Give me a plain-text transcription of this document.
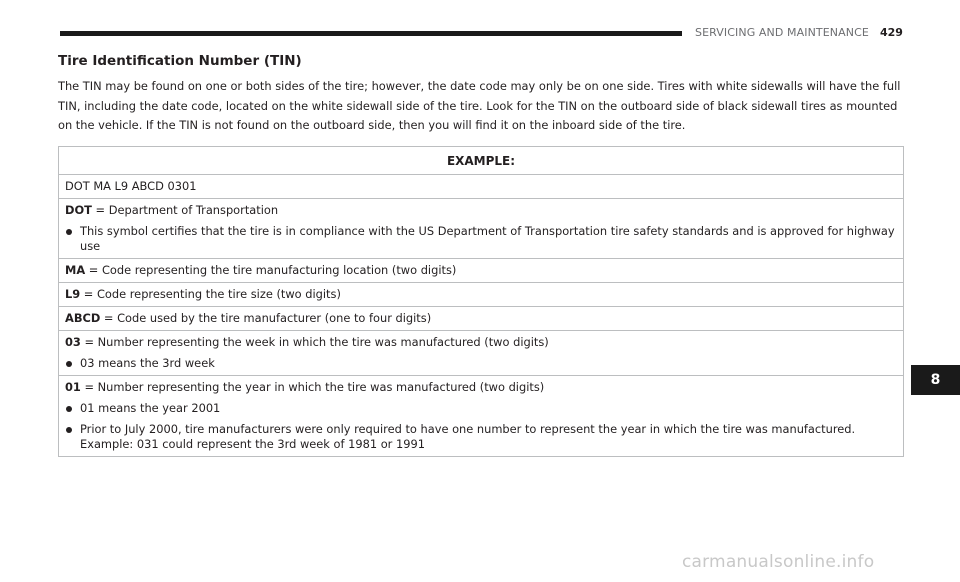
SERVICING AND MAINTENANCE 429
Tire Identification Number (TIN)

The TIN may be found on one or both sides of the tire; however, the date code may only be on one side. Tires with white sidewalls will have the full TIN, including the date code, located on the white sidewall side of the tire. Look for the TIN on the outboard side of black sidewall tires as mounted on the vehicle. If the TIN is not found on the outboard side, then you will find it on the inboard side of the tire.

EXAMPLE:
DOT MA L9 ABCD 0301
DOT = Department of Transportation
This symbol certifies that the tire is in compliance with the US Department of Transportation tire safety standards and is approved for highway use
MA = Code representing the tire manufacturing location (two digits)
L9 = Code representing the tire size (two digits)
ABCD = Code used by the tire manufacturer (one to four digits)
03 = Number representing the week in which the tire was manufactured (two digits)
03 means the 3rd week
01 = Number representing the year in which the tire was manufactured (two digits)
01 means the year 2001
Prior to July 2000, tire manufacturers were only required to have one number to represent the year in which the tire was manufactured. Example: 031 could represent the 3rd week of 1981 or 1991
8
carmanualsonline.info
